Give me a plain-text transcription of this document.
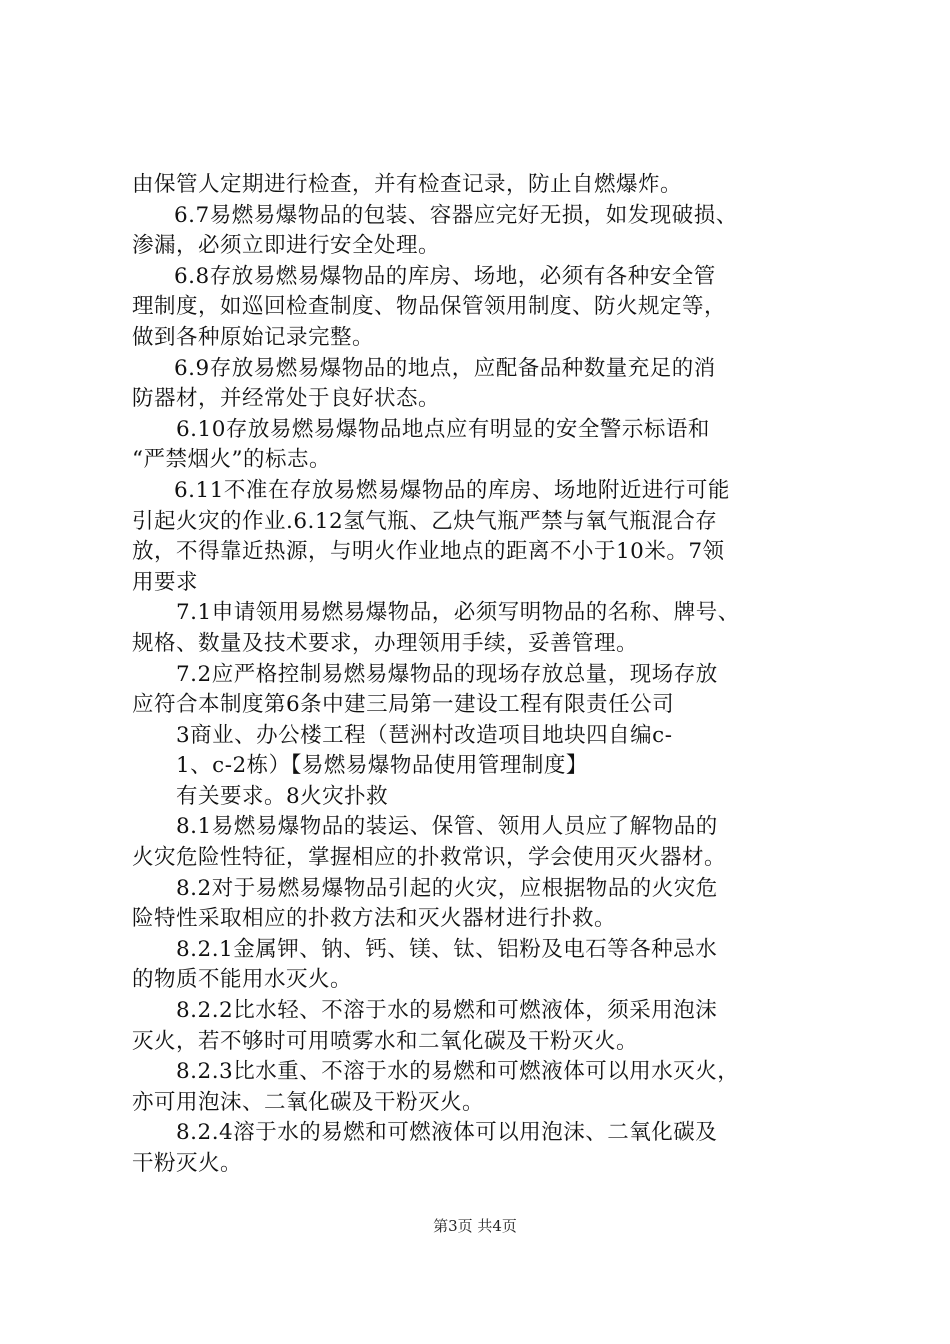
由保管人定期进行检查，并有检查记录，防止自燃爆炸。
6.7易燃易爆物品的包装、容器应完好无损，如发现破损、
渗漏，必须立即进行安全处理。
6.8存放易燃易爆物品的库房、场地，必须有各种安全管
理制度，如巡回检查制度、物品保管领用制度、防火规定等，
做到各种原始记录完整。
6.9存放易燃易爆物品的地点，应配备品种数量充足的消
防器材，并经常处于良好状态。
6.10存放易燃易爆物品地点应有明显的安全警示标语和
“严禁烟火”的标志。
6.11不准在存放易燃易爆物品的库房、场地附近进行可能
引起火灾的作业.6.12氢气瓶、乙炔气瓶严禁与氧气瓶混合存
放，不得靠近热源，与明火作业地点的距离不小于10米。7领
用要求
7.1申请领用易燃易爆物品，必须写明物品的名称、牌号、
规格、数量及技术要求，办理领用手续，妥善管理。
7.2应严格控制易燃易爆物品的现场存放总量，现场存放
应符合本制度第6条中建三局第一建设工程有限责任公司
3商业、办公楼工程（琶洲村改造项目地块四自编c-
1、c-2栋）【易燃易爆物品使用管理制度】
有关要求。8火灾扑救
8.1易燃易爆物品的装运、保管、领用人员应了解物品的
火灾危险性特征，掌握相应的扑救常识，学会使用灭火器材。
8.2对于易燃易爆物品引起的火灾，应根据物品的火灾危
险特性采取相应的扑救方法和灭火器材进行扑救。
8.2.1金属钾、钠、钙、镁、钛、铝粉及电石等各种忌水
的物质不能用水灭火。
8.2.2比水轻、不溶于水的易燃和可燃液体，须采用泡沫
灭火，若不够时可用喷雾水和二氧化碳及干粉灭火。
8.2.3比水重、不溶于水的易燃和可燃液体可以用水灭火，
亦可用泡沫、二氧化碳及干粉灭火。
8.2.4溶于水的易燃和可燃液体可以用泡沫、二氧化碳及
干粉灭火。
第3页 共4页
